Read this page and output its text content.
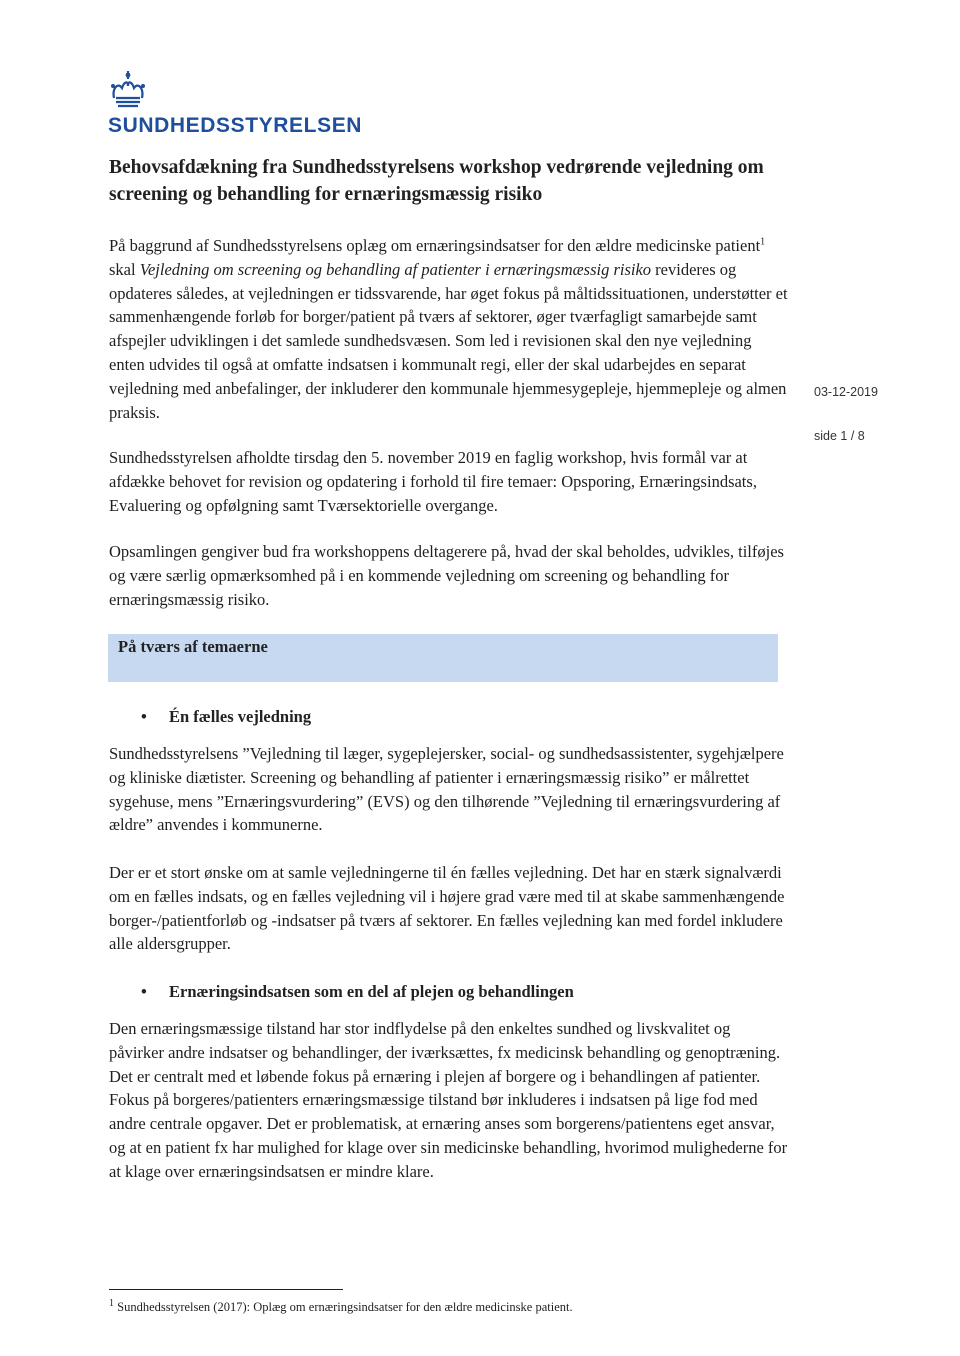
SUNDHEDSSTYRELSEN
Behovsafdækning fra Sundhedsstyrelsens workshop vedrørende vejledning om screening og behandling for ernæringsmæssig risiko

På baggrund af Sundhedsstyrelsens oplæg om ernæringsindsatser for den ældre medicinske patient$^1$ skal Vejledning om screening og behandling af patienter i ernæringsmæssig risiko revideres og opdateres således, at vejledningen er tidssvarende, har øget fokus på måltidssituationen, understøtter et sammenhængende forløb for borger/patient på tværs af sektorer, øger tværfagligt samarbejde samt afspejler udviklingen i det samlede sundhedsvæsen. Som led i revisionen skal den nye vejledning enten udvides til også at omfatte indsatsen i kommunalt regi, eller der skal udarbejdes en separat vejledning med anbefalinger, der inkluderer den kommunale hjemmesygepleje, hjemmepleje og almen praksis.

03-12-2019
side 1 / 8

Sundhedsstyrelsen afholdte tirsdag den 5. november 2019 en faglig workshop, hvis formål var at afdække behovet for revision og opdatering i forhold til fire temaer: Opsporing, Ernæringsindsats, Evaluering og opfølgning samt Tværsektorielle overgange.

Opsamlingen gengiver bud fra workshoppens deltagerere på, hvad der skal beholdes, udvikles, tilføjes og være særlig opmærksomhed på i en kommende vejledning om screening og behandling for ernæringsmæssig risiko.

På tværs af temaerne
• Én fælles vejledning

Sundhedsstyrelsens ”Vejledning til læger, sygeplejersker, social- og sundhedsassistenter, sygehjælpere og kliniske diætister. Screening og behandling af patienter i ernæringsmæssig risiko” er målrettet sygehuse, mens ”Ernæringsvurdering” (EVS) og den tilhørende ”Vejledning til ernæringsvurdering af ældre” anvendes i kommunerne.

Der er et stort ønske om at samle vejledningerne til én fælles vejledning. Det har en stærk signalværdi om en fælles indsats, og en fælles vejledning vil i højere grad være med til at skabe sammenhængende borger-/patientforløb og -indsatser på tværs af sektorer. En fælles vejledning kan med fordel inkludere alle aldersgrupper.

• Ernæringsindsatsen som en del af plejen og behandlingen

Den ernæringsmæssige tilstand har stor indflydelse på den enkeltes sundhed og livskvalitet og påvirker andre indsatser og behandlinger, der iværksættes, fx medicinsk behandling og genoptræning. Det er centralt med et løbende fokus på ernæring i plejen af borgere og i behandlingen af patienter. Fokus på borgeres/patienters ernæringsmæssige tilstand bør inkluderes i indsatsen på lige fod med andre centrale opgaver. Det er problematisk, at ernæring anses som borgerens/patientens eget ansvar, og at en patient fx har mulighed for klage over sin medicinske behandling, hvorimod mulighederne for at klage over ernæringsindsatsen er mindre klare.

$^1$ Sundhedsstyrelsen (2017): Oplæg om ernæringsindsatser for den ældre medicinske patient.
